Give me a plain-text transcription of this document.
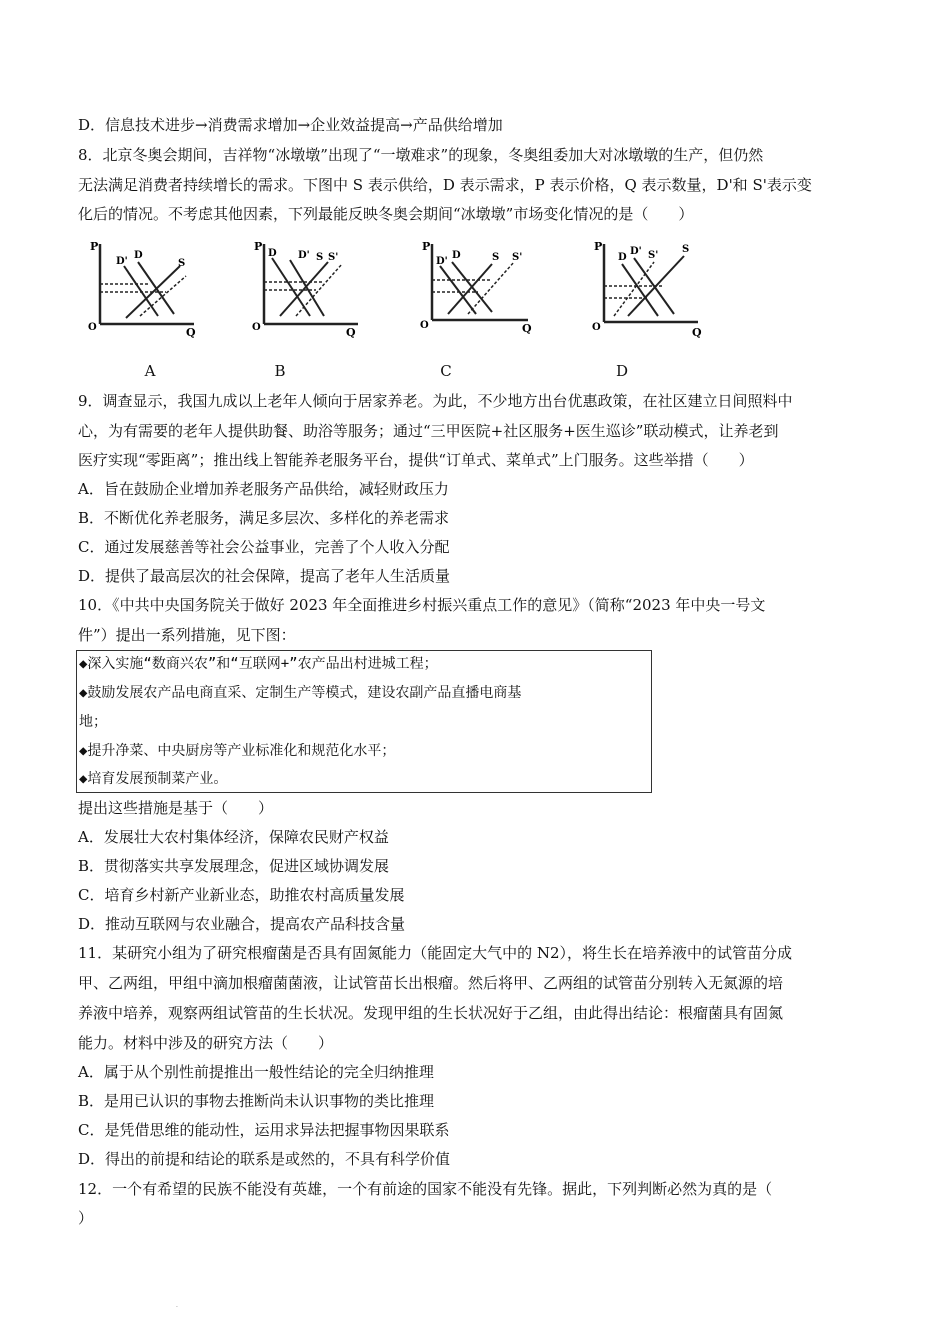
D．信息技术进步→消费需求增加→企业效益提高→产品供给增加
8．北京冬奥会期间，吉祥物“冰墩墩”出现了“一墩难求”的现象，冬奥组委加大对冰墩墩的生产，但仍然
无法满足消费者持续增长的需求。下图中 S 表示供给，D 表示需求，P 表示价格，Q 表示数量，D'和 S'表示变
化后的情况。不考虑其他因素，下列最能反映冬奥会期间“冰墩墩”市场变化情况的是（　　）
P
Q
O
D'
D
S
A
P
Q
O
D D' S S'
B
P
Q
O
D'
D	S S'
C
P
Q
O
D
D' S'
S
D
9．调查显示，我国九成以上老年人倾向于居家养老。为此，不少地方出台优惠政策，在社区建立日间照料中
心，为有需要的老年人提供助餐、助浴等服务；通过“三甲医院+社区服务+医生巡诊”联动模式，让养老到
医疗实现“零距离”；推出线上智能养老服务平台，提供“订单式、菜单式”上门服务。这些举措（　　）
A．旨在鼓励企业增加养老服务产品供给，减轻财政压力
B．不断优化养老服务，满足多层次、多样化的养老需求
C．通过发展慈善等社会公益事业，完善了个人收入分配
D．提供了最高层次的社会保障，提高了老年人生活质量
10．《中共中央国务院关于做好 2023 年全面推进乡村振兴重点工作的意见》（简称“2023 年中央一号文
件”）提出一系列措施，见下图：
◆深入实施“数商兴农”和“互联网+”农产品出村进城工程；
◆鼓励发展农产品电商直采、定制生产等模式，建设农副产品直播电商基
地；
◆提升净菜、中央厨房等产业标准化和规范化水平；
◆培育发展预制菜产业。
提出这些措施是基于（　　）
A．发展壮大农村集体经济，保障农民财产权益
B．贯彻落实共享发展理念，促进区域协调发展
C．培育乡村新产业新业态，助推农村高质量发展
D．推动互联网与农业融合，提高农产品科技含量
11．某研究小组为了研究根瘤菌是否具有固氮能力（能固定大气中的 N2），将生长在培养液中的试管苗分成
甲、乙两组，甲组中滴加根瘤菌菌液，让试管苗长出根瘤。然后将甲、乙两组的试管苗分别转入无氮源的培
养液中培养，观察两组试管苗的生长状况。发现甲组的生长状况好于乙组，由此得出结论：根瘤菌具有固氮
能力。材料中涉及的研究方法（　　）
A．属于从个别性前提推出一般性结论的完全归纳推理
B．是用已认识的事物去推断尚未认识事物的类比推理
C．是凭借思维的能动性，运用求异法把握事物因果联系
D．得出的前提和结论的联系是或然的，不具有科学价值
12．一个有希望的民族不能没有英雄，一个有前途的国家不能没有先锋。据此，下列判断必然为真的是（
）
.
